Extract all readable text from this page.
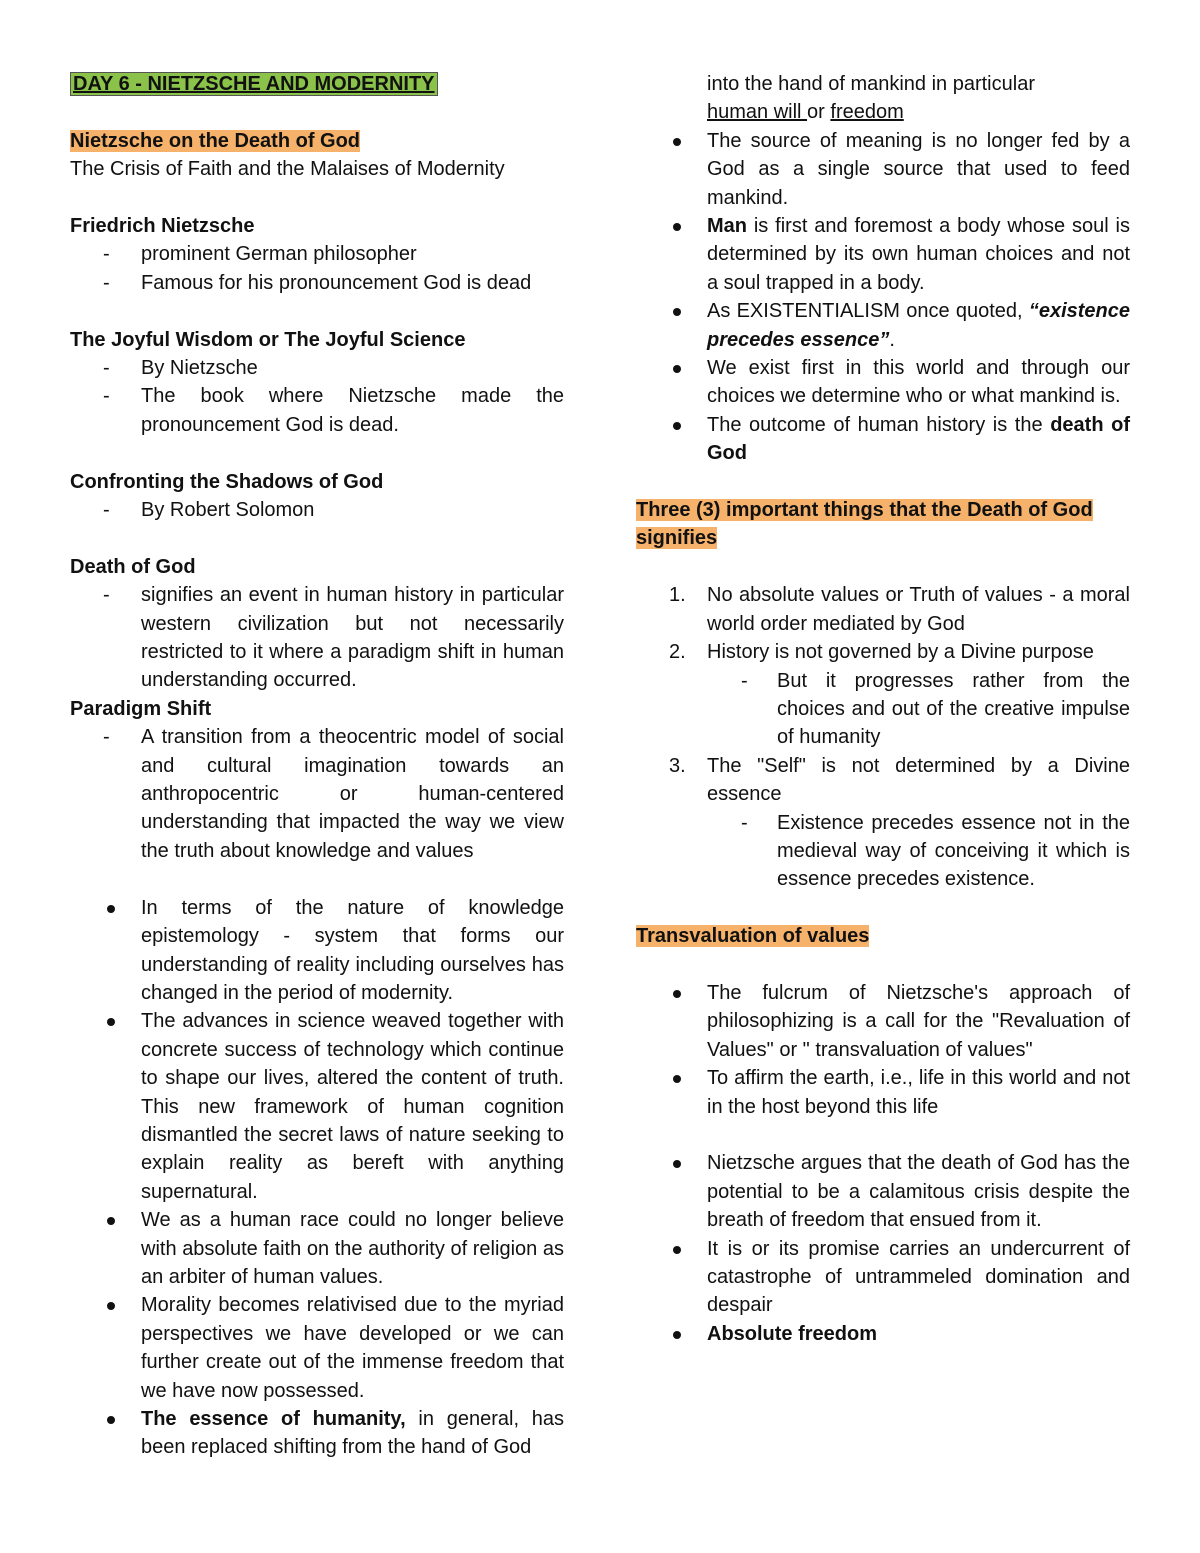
DAY 6 - NIETZSCHE AND MODERNITY
Nietzsche on the Death of God
The Crisis of Faith and the Malaises of Modernity
Friedrich Nietzsche
- prominent German philosopher
- Famous for his pronouncement God is dead
The Joyful Wisdom or The Joyful Science
- By Nietzsche
- The book where Nietzsche made the pronouncement God is dead.
Confronting the Shadows of God
- By Robert Solomon
Death of God
- signifies an event in human history in particular western civilization but not necessarily restricted to it where a paradigm shift in human understanding occurred.
Paradigm Shift
- A transition from a theocentric model of social and cultural imagination towards an anthropocentric or human-centered understanding that impacted the way we view the truth about knowledge and values
In terms of the nature of knowledge epistemology - system that forms our understanding of reality including ourselves has changed in the period of modernity.
The advances in science weaved together with concrete success of technology which continue to shape our lives, altered the content of truth. This new framework of human cognition dismantled the secret laws of nature seeking to explain reality as bereft with anything supernatural.
We as a human race could no longer believe with absolute faith on the authority of religion as an arbiter of human values.
Morality becomes relativised due to the myriad perspectives we have developed or we can further create out of the immense freedom that we have now possessed.
The essence of humanity, in general, has been replaced shifting from the hand of God
into the hand of mankind in particular
human will or freedom
The source of meaning is no longer fed by a God as a single source that used to feed mankind.
Man is first and foremost a body whose soul is determined by its own human choices and not a soul trapped in a body.
As EXISTENTIALISM once quoted, “existence precedes essence”.
We exist first in this world and through our choices we determine who or what mankind is.
The outcome of human history is the death of God
Three (3) important things that the Death of God signifies
1. No absolute values or Truth of values - a moral world order mediated by God
2. History is not governed by a Divine purpose
- But it progresses rather from the choices and out of the creative impulse of humanity
3. The "Self" is not determined by a Divine essence
- Existence precedes essence not in the medieval way of conceiving it which is essence precedes existence.
Transvaluation of values
The fulcrum of Nietzsche's approach of philosophizing is a call for the "Revaluation of Values" or " transvaluation of values"
To affirm the earth, i.e., life in this world and not in the host beyond this life
Nietzsche argues that the death of God has the potential to be a calamitous crisis despite the breath of freedom that ensued from it.
It is or its promise carries an undercurrent of catastrophe of untrammeled domination and despair
Absolute freedom
